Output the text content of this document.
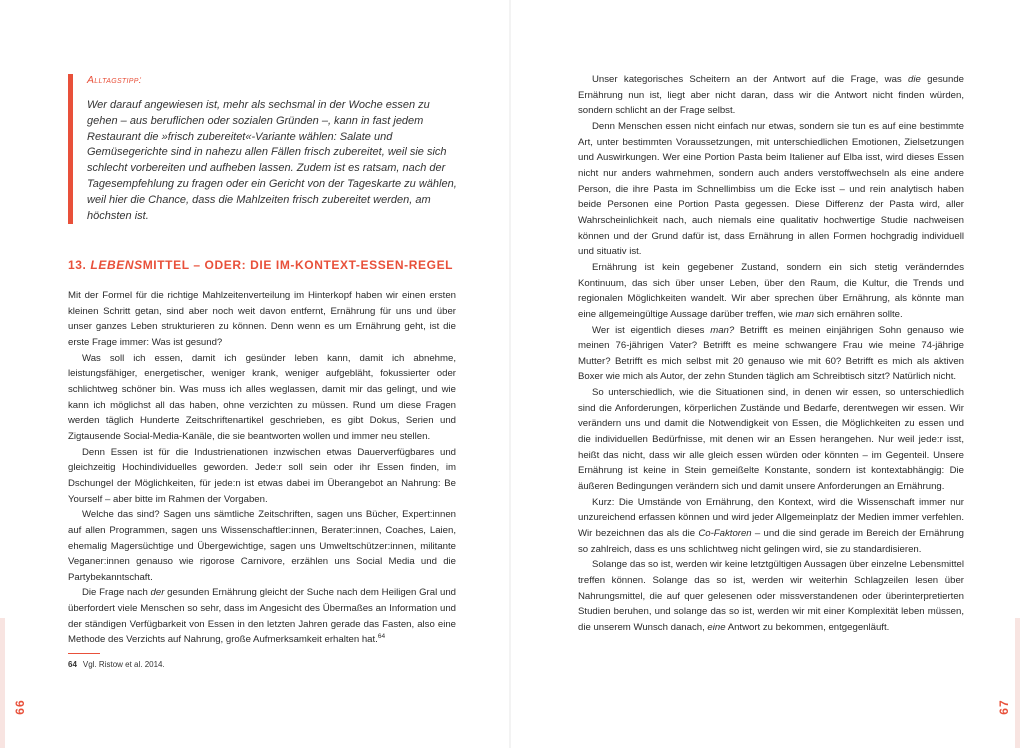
Alltagstipp:
Wer darauf angewiesen ist, mehr als sechsmal in der Woche essen zu gehen – aus beruflichen oder sozialen Gründen –, kann in fast jedem Restaurant die »frisch zubereitet«-Variante wählen: Salate und Gemüsegerichte sind in nahezu allen Fällen frisch zubereitet, weil sie sich schlecht vorbereiten und aufheben lassen. Zudem ist es ratsam, nach der Tagesempfehlung zu fragen oder ein Gericht von der Tageskarte zu wählen, weil hier die Chance, dass die Mahlzeiten frisch zubereitet werden, am höchsten ist.
13. LEBENSMITTEL – ODER: DIE IM-KONTEXT-ESSEN-REGEL

Mit der Formel für die richtige Mahlzeitenverteilung im Hinterkopf haben wir einen ersten kleinen Schritt getan, sind aber noch weit davon entfernt, Ernährung für uns und über unser ganzes Leben strukturieren zu können. Denn wenn es um Ernährung geht, ist die erste Frage immer: Was ist gesund?

Was soll ich essen, damit ich gesünder leben kann, damit ich abnehme, leistungsfähiger, energetischer, weniger krank, weniger aufgebläht, fokussierter oder schlichtweg schöner bin. Was muss ich alles weglassen, damit mir das gelingt, und wie kann ich möglichst all das haben, ohne verzichten zu müssen. Rund um diese Fragen werden täglich Hunderte Zeitschriftenartikel geschrieben, es gibt Dokus, Serien und Zigtausende Social-Media-Kanäle, die sie beantworten wollen und immer neu stellen.

Denn Essen ist für die Industrienationen inzwischen etwas Dauerverfügbares und gleichzeitig Hochindividuelles geworden. Jede:r soll sein oder ihr Essen finden, im Dschungel der Möglichkeiten, für jede:n ist etwas dabei im Überangebot an Nahrung: Be Yourself – aber bitte im Rahmen der Vorgaben.

Welche das sind? Sagen uns sämtliche Zeitschriften, sagen uns Bücher, Expert:innen auf allen Programmen, sagen uns Wissenschaftler:innen, Berater:innen, Coaches, Laien, ehemalig Magersüchtige und Übergewichtige, sagen uns Umweltschützer:innen, militante Veganer:innen genauso wie rigorose Carnivore, erzählen uns Social Media und die Partybekanntschaft.

Die Frage nach der gesunden Ernährung gleicht der Suche nach dem Heiligen Gral und überfordert viele Menschen so sehr, dass im Angesicht des Übermaßes an Information und der ständigen Verfügbarkeit von Essen in den letzten Jahren gerade das Fasten, also eine Methode des Verzichts auf Nahrung, große Aufmerksamkeit erhalten hat.$^{64}$

64 Vgl. Ristow et al. 2014.
66

Unser kategorisches Scheitern an der Antwort auf die Frage, was die gesunde Ernährung nun ist, liegt aber nicht daran, dass wir die Antwort nicht finden würden, sondern schlicht an der Frage selbst.

Denn Menschen essen nicht einfach nur etwas, sondern sie tun es auf eine bestimmte Art, unter bestimmten Voraussetzungen, mit unterschiedlichen Emotionen, Zielsetzungen und Auswirkungen. Wer eine Portion Pasta beim Italiener auf Elba isst, wird dieses Essen nicht nur anders wahrnehmen, sondern auch anders verstoffwechseln als eine andere Person, die ihre Pasta im Schnellimbiss um die Ecke isst – und rein analytisch haben beide Personen eine Portion Pasta gegessen. Diese Differenz der Pasta wird, aller Wahrscheinlichkeit nach, auch niemals eine qualitativ hochwertige Studie nachweisen können und der Grund dafür ist, dass Ernährung in allen Formen hochgradig individuell und situativ ist.

Ernährung ist kein gegebener Zustand, sondern ein sich stetig veränderndes Kontinuum, das sich über unser Leben, über den Raum, die Kultur, die Trends und regionalen Möglichkeiten wandelt. Wir aber sprechen über Ernährung, als könnte man eine allgemeingültige Aussage darüber treffen, wie man sich ernähren sollte.

Wer ist eigentlich dieses man? Betrifft es meinen einjährigen Sohn genauso wie meinen 76-jährigen Vater? Betrifft es meine schwangere Frau wie meine 74-jährige Mutter? Betrifft es mich selbst mit 20 genauso wie mit 60? Betrifft es mich als aktiven Boxer wie mich als Autor, der zehn Stunden täglich am Schreibtisch sitzt? Natürlich nicht.

So unterschiedlich, wie die Situationen sind, in denen wir essen, so unterschiedlich sind die Anforderungen, körperlichen Zustände und Bedarfe, derentwegen wir essen. Wir verändern uns und damit die Notwendigkeit von Essen, die Möglichkeiten zu essen und die individuellen Bedürfnisse, mit denen wir an Essen herangehen. Nur weil jede:r isst, heißt das nicht, dass wir alle gleich essen würden oder könnten – im Gegenteil. Unsere Ernährung ist keine in Stein gemeißelte Konstante, sondern ist kontextabhängig: Die äußeren Bedingungen verändern sich und damit unsere Anforderungen an Ernährung.

Kurz: Die Umstände von Ernährung, den Kontext, wird die Wissenschaft immer nur unzureichend erfassen können und wird jeder Allgemeinplatz der Medien immer verfehlen. Wir bezeichnen das als die Co-Faktoren – und die sind gerade im Bereich der Ernährung so zahlreich, dass es uns schlichtweg nicht gelingen wird, sie zu standardisieren.

Solange das so ist, werden wir keine letztgültigen Aussagen über einzelne Lebensmittel treffen können. Solange das so ist, werden wir weiterhin Schlagzeilen lesen über Nahrungsmittel, die auf quer gelesenen oder missverstandenen oder überinterpretierten Studien beruhen, und solange das so ist, werden wir mit einer Komplexität leben müssen, die unserem Wunsch danach, eine Antwort zu bekommen, entgegenläuft.

67
